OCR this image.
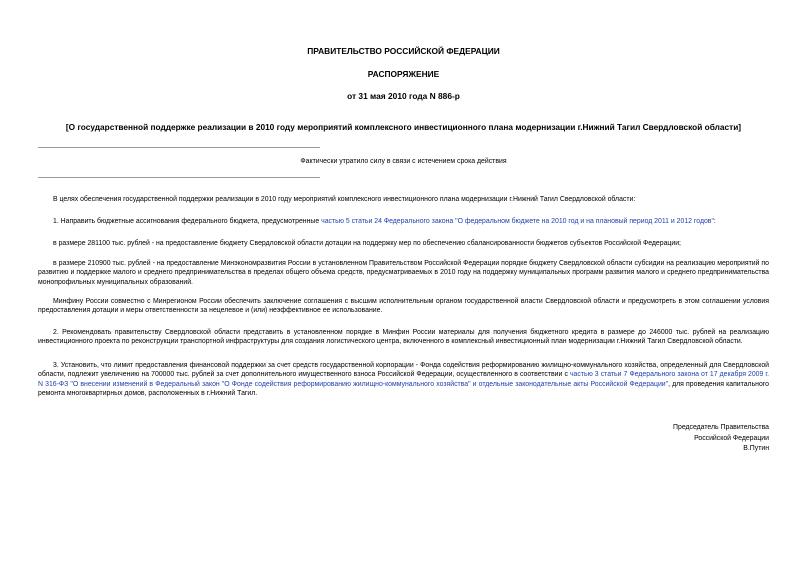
ПРАВИТЕЛЬСТВО РОССИЙСКОЙ ФЕДЕРАЦИИ
РАСПОРЯЖЕНИЕ
от 31 мая 2010 года N 886-р
[О государственной поддержке реализации в 2010 году мероприятий комплексного инвестиционного плана модернизации г.Нижний Тагил Свердловской области]
Фактически утратило силу в связи с истечением срока действия

В целях обеспечения государственной поддержки реализации в 2010 году мероприятий комплексного инвестиционного плана модернизации г.Нижний Тагил Свердловской области:

1. Направить бюджетные ассигнования федерального бюджета, предусмотренные частью 5 статьи 24 Федерального закона "О федеральном бюджете на 2010 год и на плановый период 2011 и 2012 годов":

в размере 281100 тыс. рублей - на предоставление бюджету Свердловской области дотации на поддержку мер по обеспечению сбалансированности бюджетов субъектов Российской Федерации;

в размере 210900 тыс. рублей - на предоставление Минэкономразвития России в установленном Правительством Российской Федерации порядке бюджету Свердловской области субсидии на реализацию мероприятий по развитию и поддержке малого и среднего предпринимательства в пределах общего объема средств, предусматриваемых в 2010 году на поддержку муниципальных программ развития малого и среднего предпринимательства монопрофильных муниципальных образований.

Минфину России совместно с Минрегионом России обеспечить заключение соглашения с высшим исполнительным органом государственной власти Свердловской области и предусмотреть в этом соглашении условия предоставления дотации и меры ответственности за нецелевое и (или) неэффективное ее использование.

2. Рекомендовать правительству Свердловской области представить в установленном порядке в Минфин России материалы для получения бюджетного кредита в размере до 246000 тыс. рублей на реализацию инвестиционного проекта по реконструкции транспортной инфраструктуры для создания логистического центра, включенного в комплексный инвестиционный план модернизации г.Нижний Тагил Свердловской области.

3. Установить, что лимит предоставления финансовой поддержки за счет средств государственной корпорации - Фонда содействия реформированию жилищно-коммунального хозяйства, определенный для Свердловской области, подлежит увеличению на 700000 тыс. рублей за счет дополнительного имущественного взноса Российской Федерации, осуществленного в соответствии с частью 3 статьи 7 Федерального закона от 17 декабря 2009 г. N 316-ФЗ "О внесении изменений в Федеральный закон "О Фонде содействия реформированию жилищно-коммунального хозяйства" и отдельные законодательные акты Российской Федерации", для проведения капитального ремонта многоквартирных домов, расположенных в г.Нижний Тагил.

Председатель Правительства
Российской Федерации
В.Путин
